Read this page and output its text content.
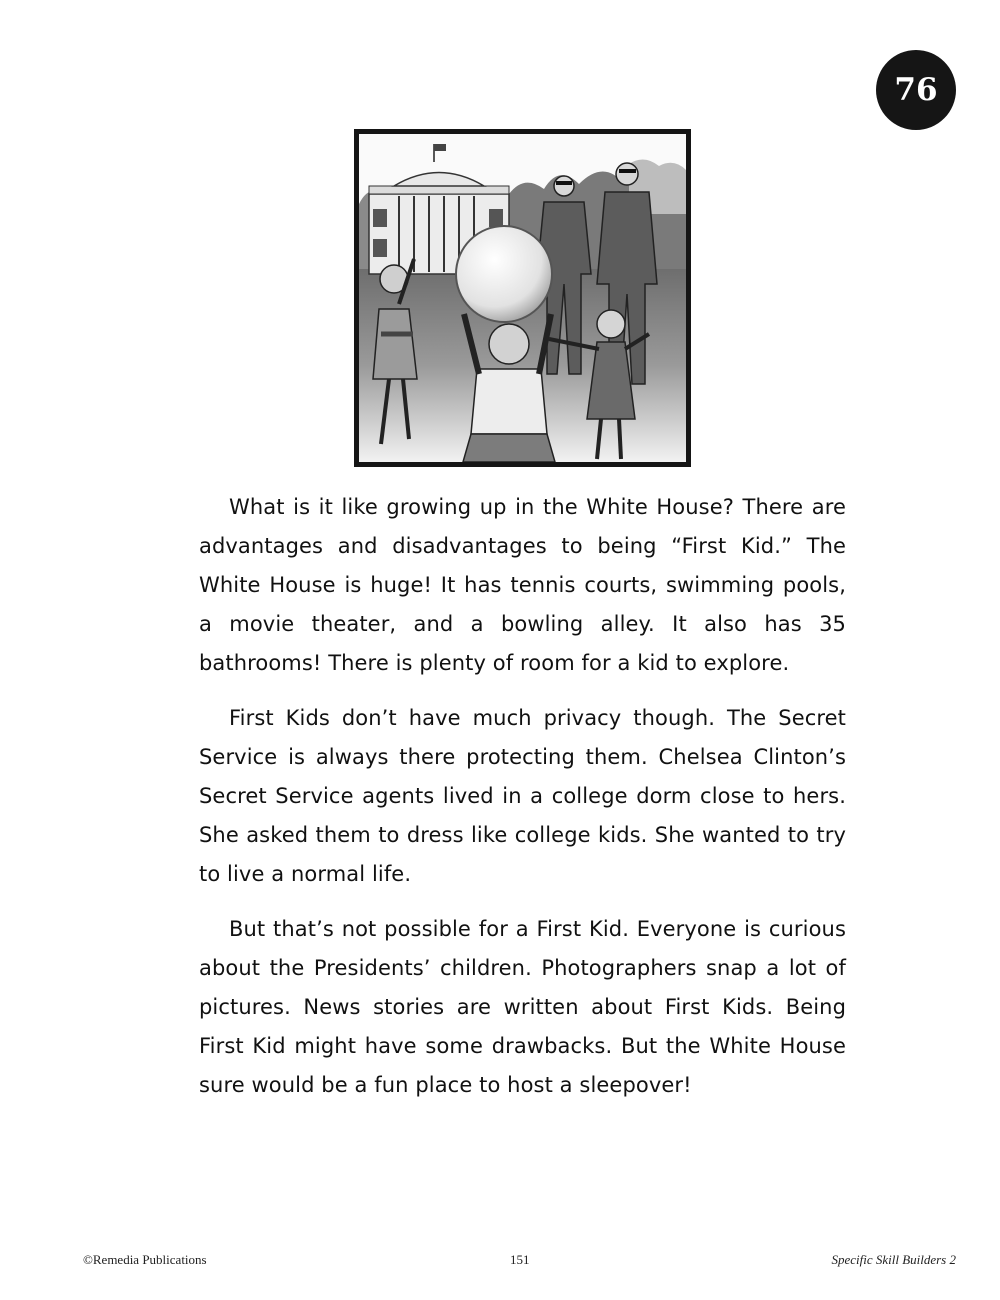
76

What is it like growing up in the White House? There are advantages and disadvantages to being “First Kid.” The White House is huge! It has tennis courts, swimming pools, a movie theater, and a bowling alley. It also has 35 bathrooms! There is plenty of room for a kid to explore.

First Kids don’t have much privacy though. The Secret Service is always there protecting them. Chelsea Clinton’s Secret Service agents lived in a college dorm close to hers. She asked them to dress like college kids. She wanted to try to live a normal life.

But that’s not possible for a First Kid. Everyone is curious about the Presidents’ children. Photographers snap a lot of pictures. News stories are written about First Kids. Being First Kid might have some drawbacks. But the White House sure would be a fun place to host a sleepover!

©Remedia Publications	151	Specific Skill Builders 2
